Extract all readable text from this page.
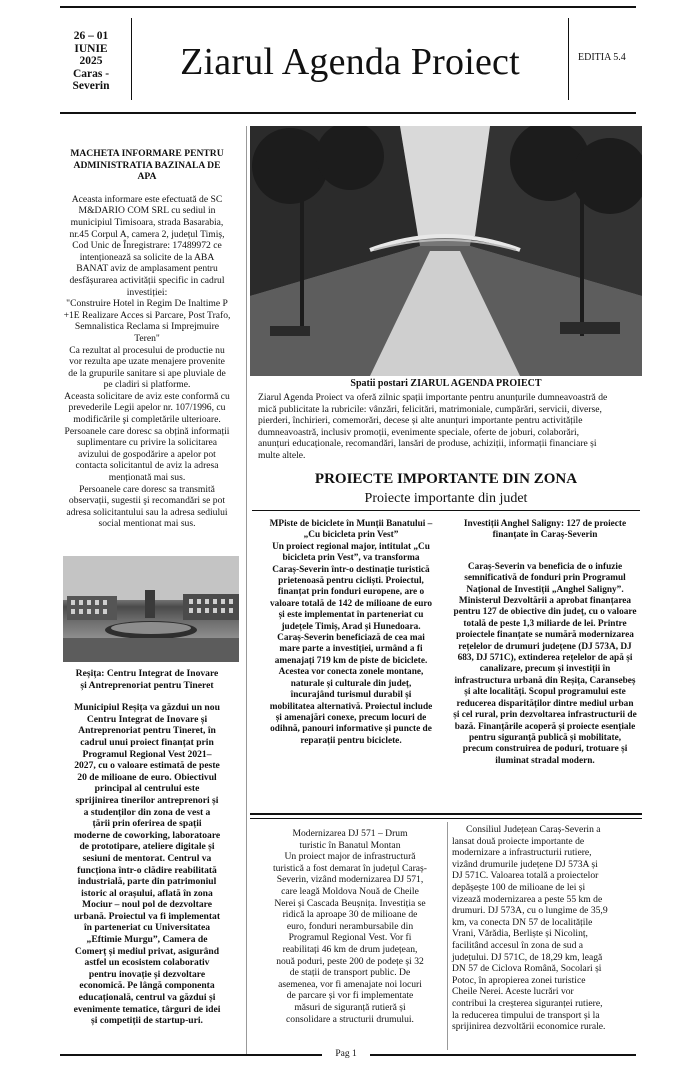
26 – 01
IUNIE
2025
Caras -
Severin
Ziarul Agenda Proiect	EDITIA 5.4
MACHETA INFORMARE PENTRU
ADMINISTRATIA BAZINALA DE
APA
Aceasta informare este efectuată de SC
M&DARIO COM SRL cu sediul in
municipiul Timisoara, strada Basarabia,
nr.45 Corpul A, camera 2, județul Timiș,
Cod Unic de Înregistrare: 17489972 ce
intenționează sa solicite de la ABA
BANAT aviz de amplasament pentru
desfășurarea activității specific in cadrul
investiției:
"Construire Hotel in Regim De Inaltime P
+1E Realizare Acces si Parcare, Post Trafo,
Semnalistica Reclama si Imprejmuire
Teren"
Ca rezultat al procesului de productie nu
vor rezulta ape uzate menajere provenite
de la grupurile sanitare si ape pluviale de
pe cladiri si platforme.
Aceasta solicitare de aviz este conformă cu
prevederile Legii apelor nr. 107/1996, cu
modificările şi completările ulterioare.
Persoanele care doresc sa obțină informații
suplimentare cu privire la solicitarea
avizului de gospodărire a apelor pot
contacta solicitantul de aviz la adresa
menționată mai sus.
Persoanele care doresc sa transmită
observații, sugestii şi recomandări se pot
adresa solicitantului sau la adresa sediului
social mentionat mai sus.
Reșița: Centru Integrat de Inovare
și Antreprenoriat pentru Tineret
Municipiul Reșița va găzdui un nou
Centru Integrat de Inovare și
Antreprenoriat pentru Tineret, în
cadrul unui proiect finanțat prin
Programul Regional Vest 2021–
2027, cu o valoare estimată de peste
20 de milioane de euro. Obiectivul
principal al centrului este
sprijinirea tinerilor antreprenori și
a studenților din zona de vest a
țării prin oferirea de spații
moderne de coworking, laboratoare
de prototipare, ateliere digitale și
sesiuni de mentorat. Centrul va
funcționa într-o clădire reabilitată
industrială, parte din patrimoniul
istoric al orașului, aflată în zona
Mociur – noul pol de dezvoltare
urbană. Proiectul va fi implementat
în parteneriat cu Universitatea
„Eftimie Murgu”, Camera de
Comerț și mediul privat, asigurând
astfel un ecosistem colaborativ
pentru inovație și dezvoltare
economică. Pe lângă componenta
educațională, centrul va găzdui și
evenimente tematice, târguri de idei
și competiții de startup-uri.
Spatii postari ZIARUL AGENDA PROIECT
Ziarul Agenda Proiect va oferă zilnic spații importante pentru anunțurile dumneavoastră de
mică publicitate la rubricile: vânzări, felicitări, matrimoniale, cumpărări, servicii, diverse,
pierderi, închirieri, comemorări, decese și alte anunțuri importante pentru activitățile
dumneavoastră, inclusiv promoții, evenimente speciale, oferte de joburi, colaborări,
anunțuri educaționale, recomandări, lansări de produse, achiziții, informații financiare și
multe altele.
PROIECTE IMPORTANTE DIN ZONA
Proiecte importante din judet
MPiste de biciclete în Munții Banatului –
„Cu bicicleta prin Vest”
Un proiect regional major, intitulat „Cu
bicicleta prin Vest”, va transforma
Caraș-Severin într-o destinație turistică
prietenoasă pentru cicliști. Proiectul,
finanțat prin fonduri europene, are o
valoare totală de 142 de milioane de euro
și este implementat în parteneriat cu
județele Timiș, Arad și Hunedoara.
Caraș-Severin beneficiază de cea mai
mare parte a investiției, urmând a fi
amenajați 719 km de piste de biciclete.
Acestea vor conecta zonele montane,
naturale și culturale din județ,
încurajând turismul durabil și
mobilitatea alternativă. Proiectul include
și amenajări conexe, precum locuri de
odihnă, panouri informative și puncte de
reparații pentru biciclete.
Investiții Anghel Saligny: 127 de proiecte
finanțate în Caraș-Severin
Caraș-Severin va beneficia de o infuzie
semnificativă de fonduri prin Programul
Național de Investiții „Anghel Saligny”.
Ministerul Dezvoltării a aprobat finanțarea
pentru 127 de obiective din județ, cu o valoare
totală de peste 1,3 miliarde de lei. Printre
proiectele finanțate se numără modernizarea
rețelelor de drumuri județene (DJ 573A, DJ
683, DJ 571C), extinderea rețelelor de apă și
canalizare, precum și investiții în
infrastructura urbană din Reșița, Caransebeș
și alte localități. Scopul programului este
reducerea disparităților dintre mediul urban
și cel rural, prin dezvoltarea infrastructurii de
bază. Finanțările acoperă și proiecte esențiale
pentru siguranță publică și mobilitate,
precum construirea de poduri, trotuare și
iluminat stradal modern.
Modernizarea DJ 571 – Drum
turistic în Banatul Montan
Un proiect major de infrastructură
turistică a fost demarat în județul Caraș-
Severin, vizând modernizarea DJ 571,
care leagă Moldova Nouă de Cheile
Nerei și Cascada Beușnița. Investiția se
ridică la aproape 30 de milioane de
euro, fonduri nerambursabile din
Programul Regional Vest. Vor fi
reabilitați 46 km de drum județean,
nouă poduri, peste 200 de podețe și 32
de stații de transport public. De
asemenea, vor fi amenajate noi locuri
de parcare și vor fi implementate
măsuri de siguranță rutieră și
consolidare a structurii drumului.
Consiliul Județean Caraș-Severin a
lansat două proiecte importante de
modernizare a infrastructurii rutiere,
vizând drumurile județene DJ 573A și
DJ 571C. Valoarea totală a proiectelor
depășește 100 de milioane de lei și
vizează modernizarea a peste 55 km de
drumuri. DJ 573A, cu o lungime de 35,9
km, va conecta DN 57 de localitățile
Vrani, Vărădia, Berliște și Nicolinț,
facilitând accesul în zona de sud a
județului. DJ 571C, de 18,29 km, leagă
DN 57 de Ciclova Română, Socolari și
Potoc, în apropierea zonei turistice
Cheile Nerei. Aceste lucrări vor
contribui la creșterea siguranței rutiere,
la reducerea timpului de transport și la
sprijinirea dezvoltării economice rurale.
Pag 1
